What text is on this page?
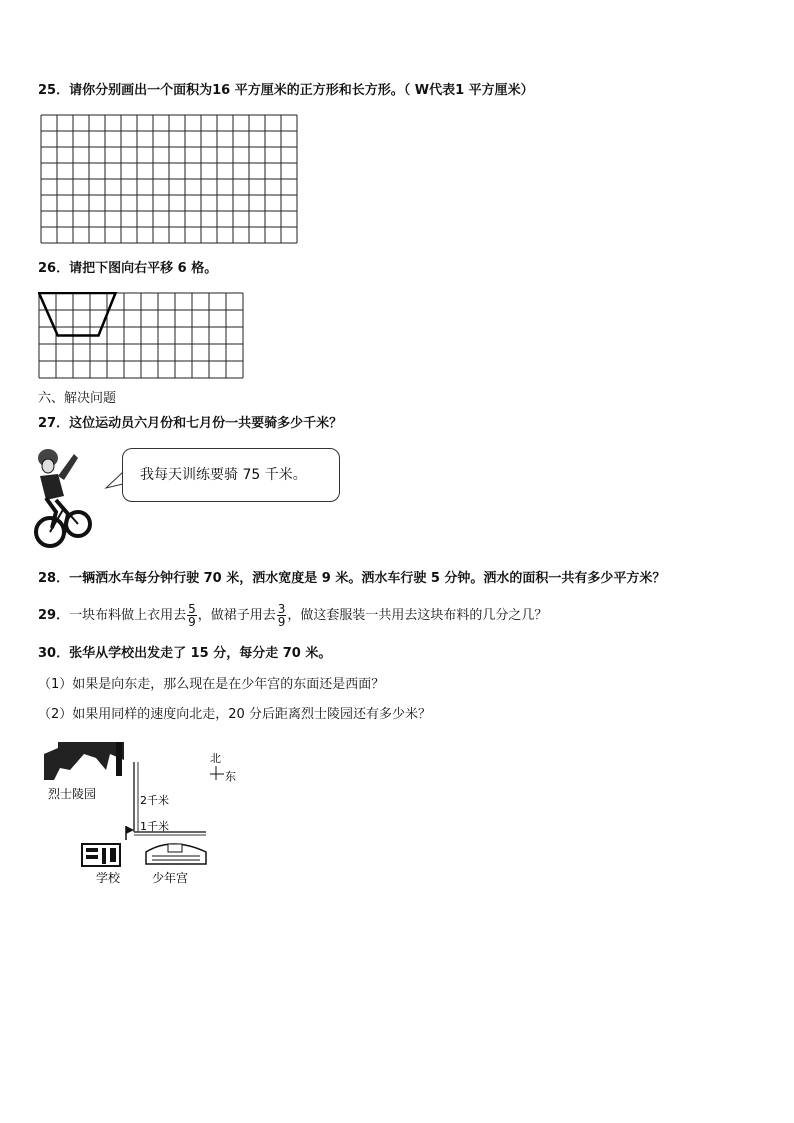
25．请你分别画出一个面积为16 平方厘米的正方形和长方形。（ W代表1 平方厘米）
26．请把下图向右平移 6 格。
六、解决问题
27．这位运动员六月份和七月份一共要骑多少千米？
我每天训练要骑 75 千米。
28．一辆洒水车每分钟行驶 70 米，洒水宽度是 9 米。洒水车行驶 5 分钟。洒水的面积一共有多少平方米？
29．一块布料做上衣用去 $\frac{5}{9}$ ，做裙子用去 $\frac{3}{9}$ ，做这套服装一共用去这块布料的几分之几？
30．张华从学校出发走了 15 分，每分走 70 米。
（1）如果是向东走，那么现在是在少年宫的东面还是西面？
（2）如果用同样的速度向北走，20 分后距离烈士陵园还有多少米？
烈士陵园	2千米
1千米
学校	少年宫
北
东
